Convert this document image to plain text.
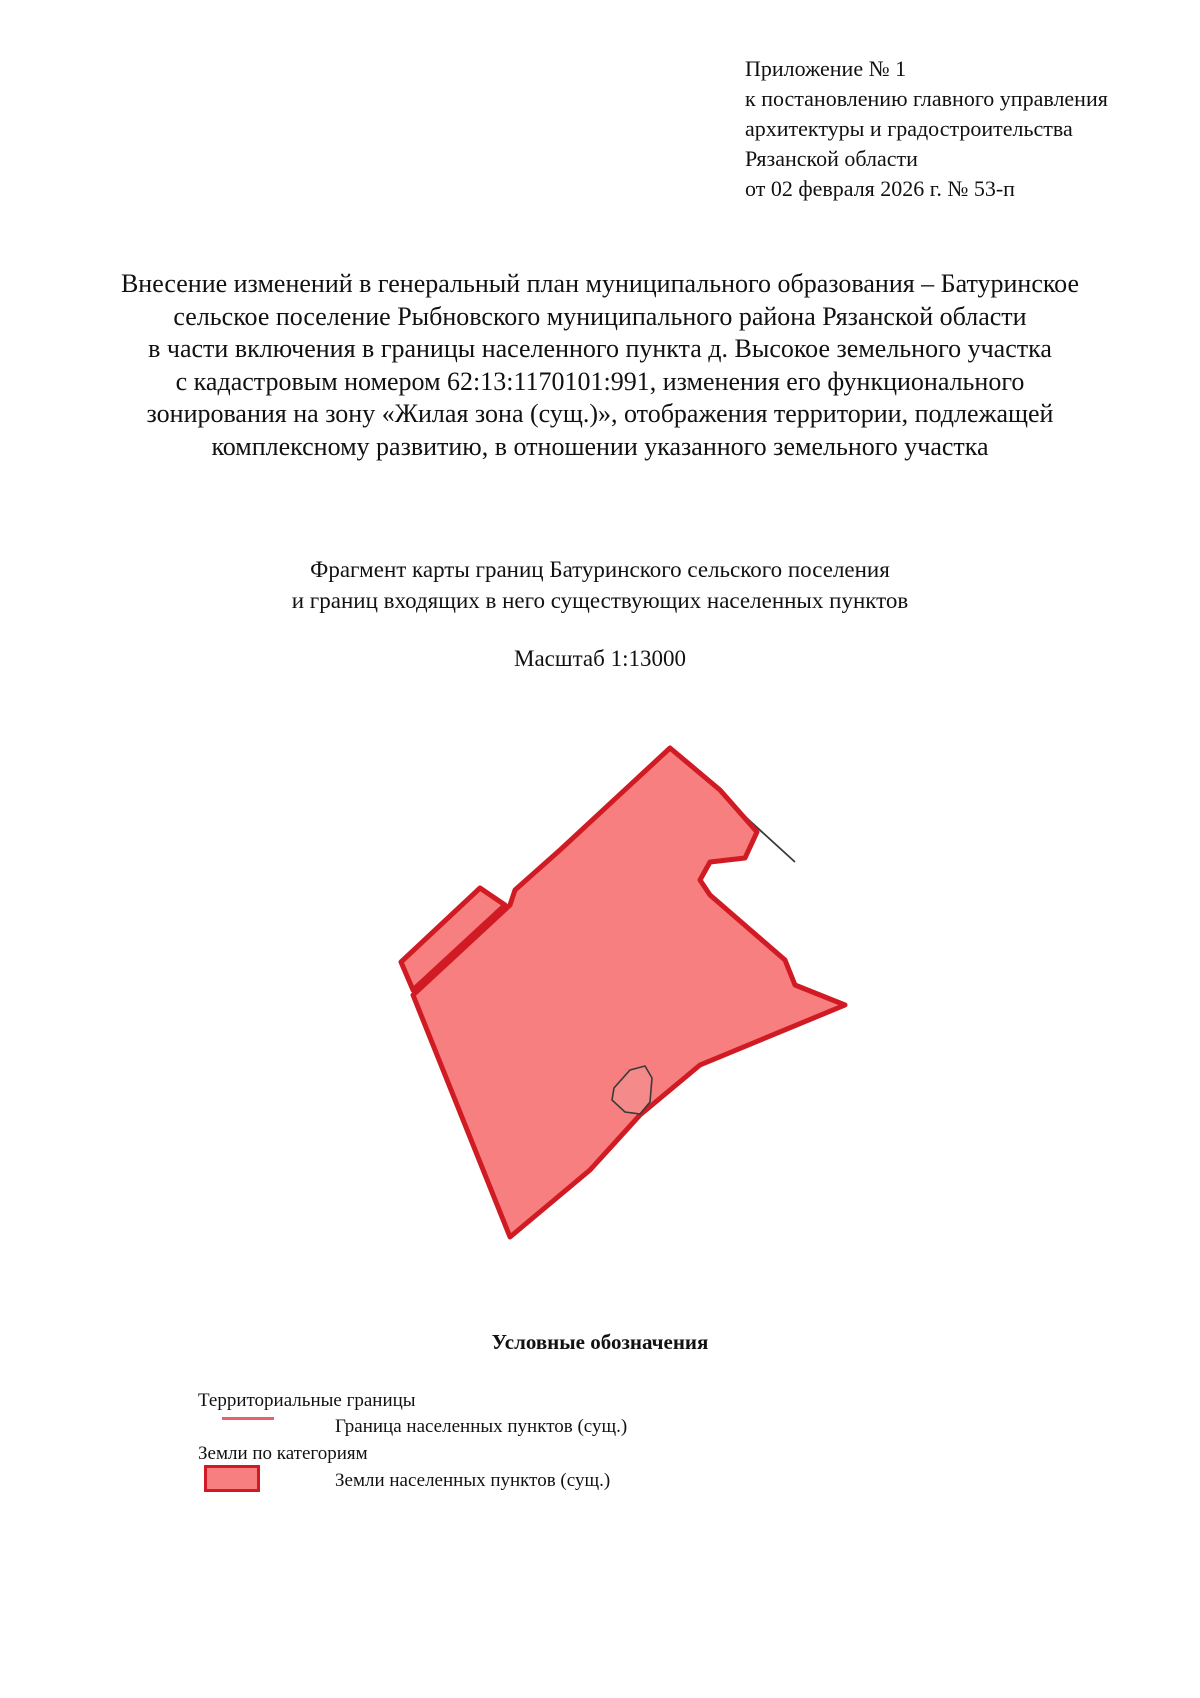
Приложение № 1
к постановлению главного управления
архитектуры и градостроительства
Рязанской области
от 02 февраля 2026 г. № 53-п
Внесение изменений в генеральный план муниципального образования – Батуринское
сельское поселение Рыбновского муниципального района Рязанской области
в части включения в границы населенного пункта д. Высокое земельного участка
с кадастровым номером 62:13:1170101:991, изменения его функционального
зонирования на зону «Жилая зона (сущ.)», отображения территории, подлежащей
комплексному развитию, в отношении указанного земельного участка
Фрагмент карты границ Батуринского сельского поселения
и границ входящих в него существующих населенных пунктов
Масштаб 1:13000
Условные обозначения
Территориальные границы
Граница населенных пунктов (сущ.)
Земли по категориям
Земли населенных пунктов (сущ.)
